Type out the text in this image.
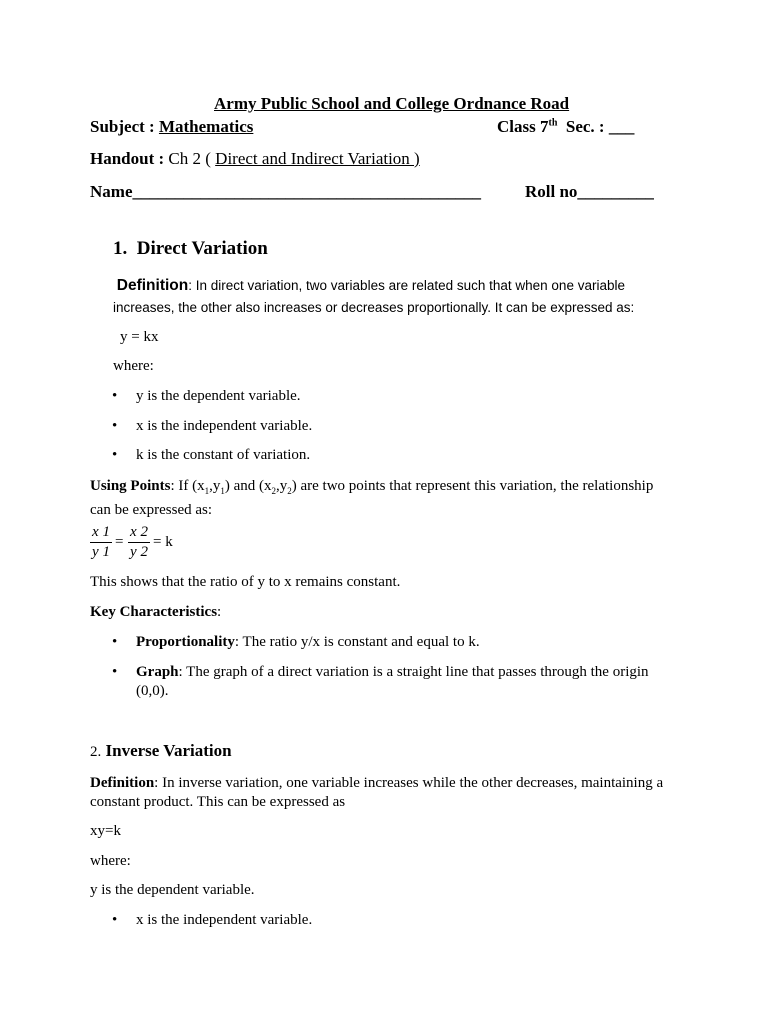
Army Public School and College Ordnance Road
Subject : Mathematics	Class 7th Sec. : ___
Handout : Ch 2 ( Direct and Indirect Variation )
Name_________________________________________	Roll no_________
1. Direct Variation
Definition: In direct variation, two variables are related such that when one variable increases, the other also increases or decreases proportionally. It can be expressed as:
y = kx
where:
• y is the dependent variable.
• x is the independent variable.
• k is the constant of variation.
Using Points: If $(x_1,y_1)$ and $(x_2,y_2)$ are two points that represent this variation, the relationship can be expressed as:
x 1
y 1
=
x 2
y 2
= k
This shows that the ratio of y to x remains constant.
Key Characteristics:
• Proportionality: The ratio y/x is constant and equal to k.
• Graph: The graph of a direct variation is a straight line that passes through the origin (0,0).
2. Inverse Variation
Definition: In inverse variation, one variable increases while the other decreases, maintaining a constant product. This can be expressed as
xy=k
where:
y is the dependent variable.
• x is the independent variable.
